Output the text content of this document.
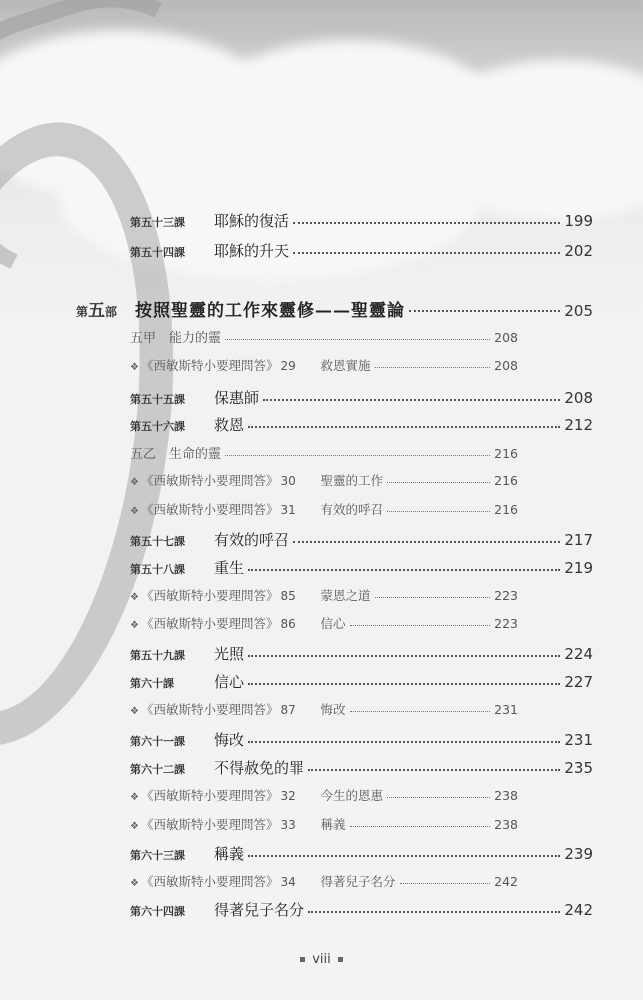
第五十三課	耶穌的復活	199
第五十四課	耶穌的升天	202
第五部 按照聖靈的工作來靈修——聖靈論	205
五甲　能力的靈	208
❖ 《西敏斯特小要理問答》 29	救恩實施	208
第五十五課	保惠師	208
第五十六課	救恩	212
五乙　生命的靈	216
❖ 《西敏斯特小要理問答》 30	聖靈的工作	216
❖ 《西敏斯特小要理問答》 31	有效的呼召	216
第五十七課	有效的呼召	217
第五十八課	重生	219
❖ 《西敏斯特小要理問答》 85	蒙恩之道	223
❖ 《西敏斯特小要理問答》 86	信心	223
第五十九課	光照	224
第六十課	信心	227
❖ 《西敏斯特小要理問答》 87	悔改	231
第六十一課	悔改	231
第六十二課	不得赦免的罪	235
❖ 《西敏斯特小要理問答》 32	今生的恩惠	238
❖ 《西敏斯特小要理問答》 33	稱義	238
第六十三課	稱義	239
❖ 《西敏斯特小要理問答》 34	得著兒子名分	242
第六十四課	得著兒子名分	242
viii
